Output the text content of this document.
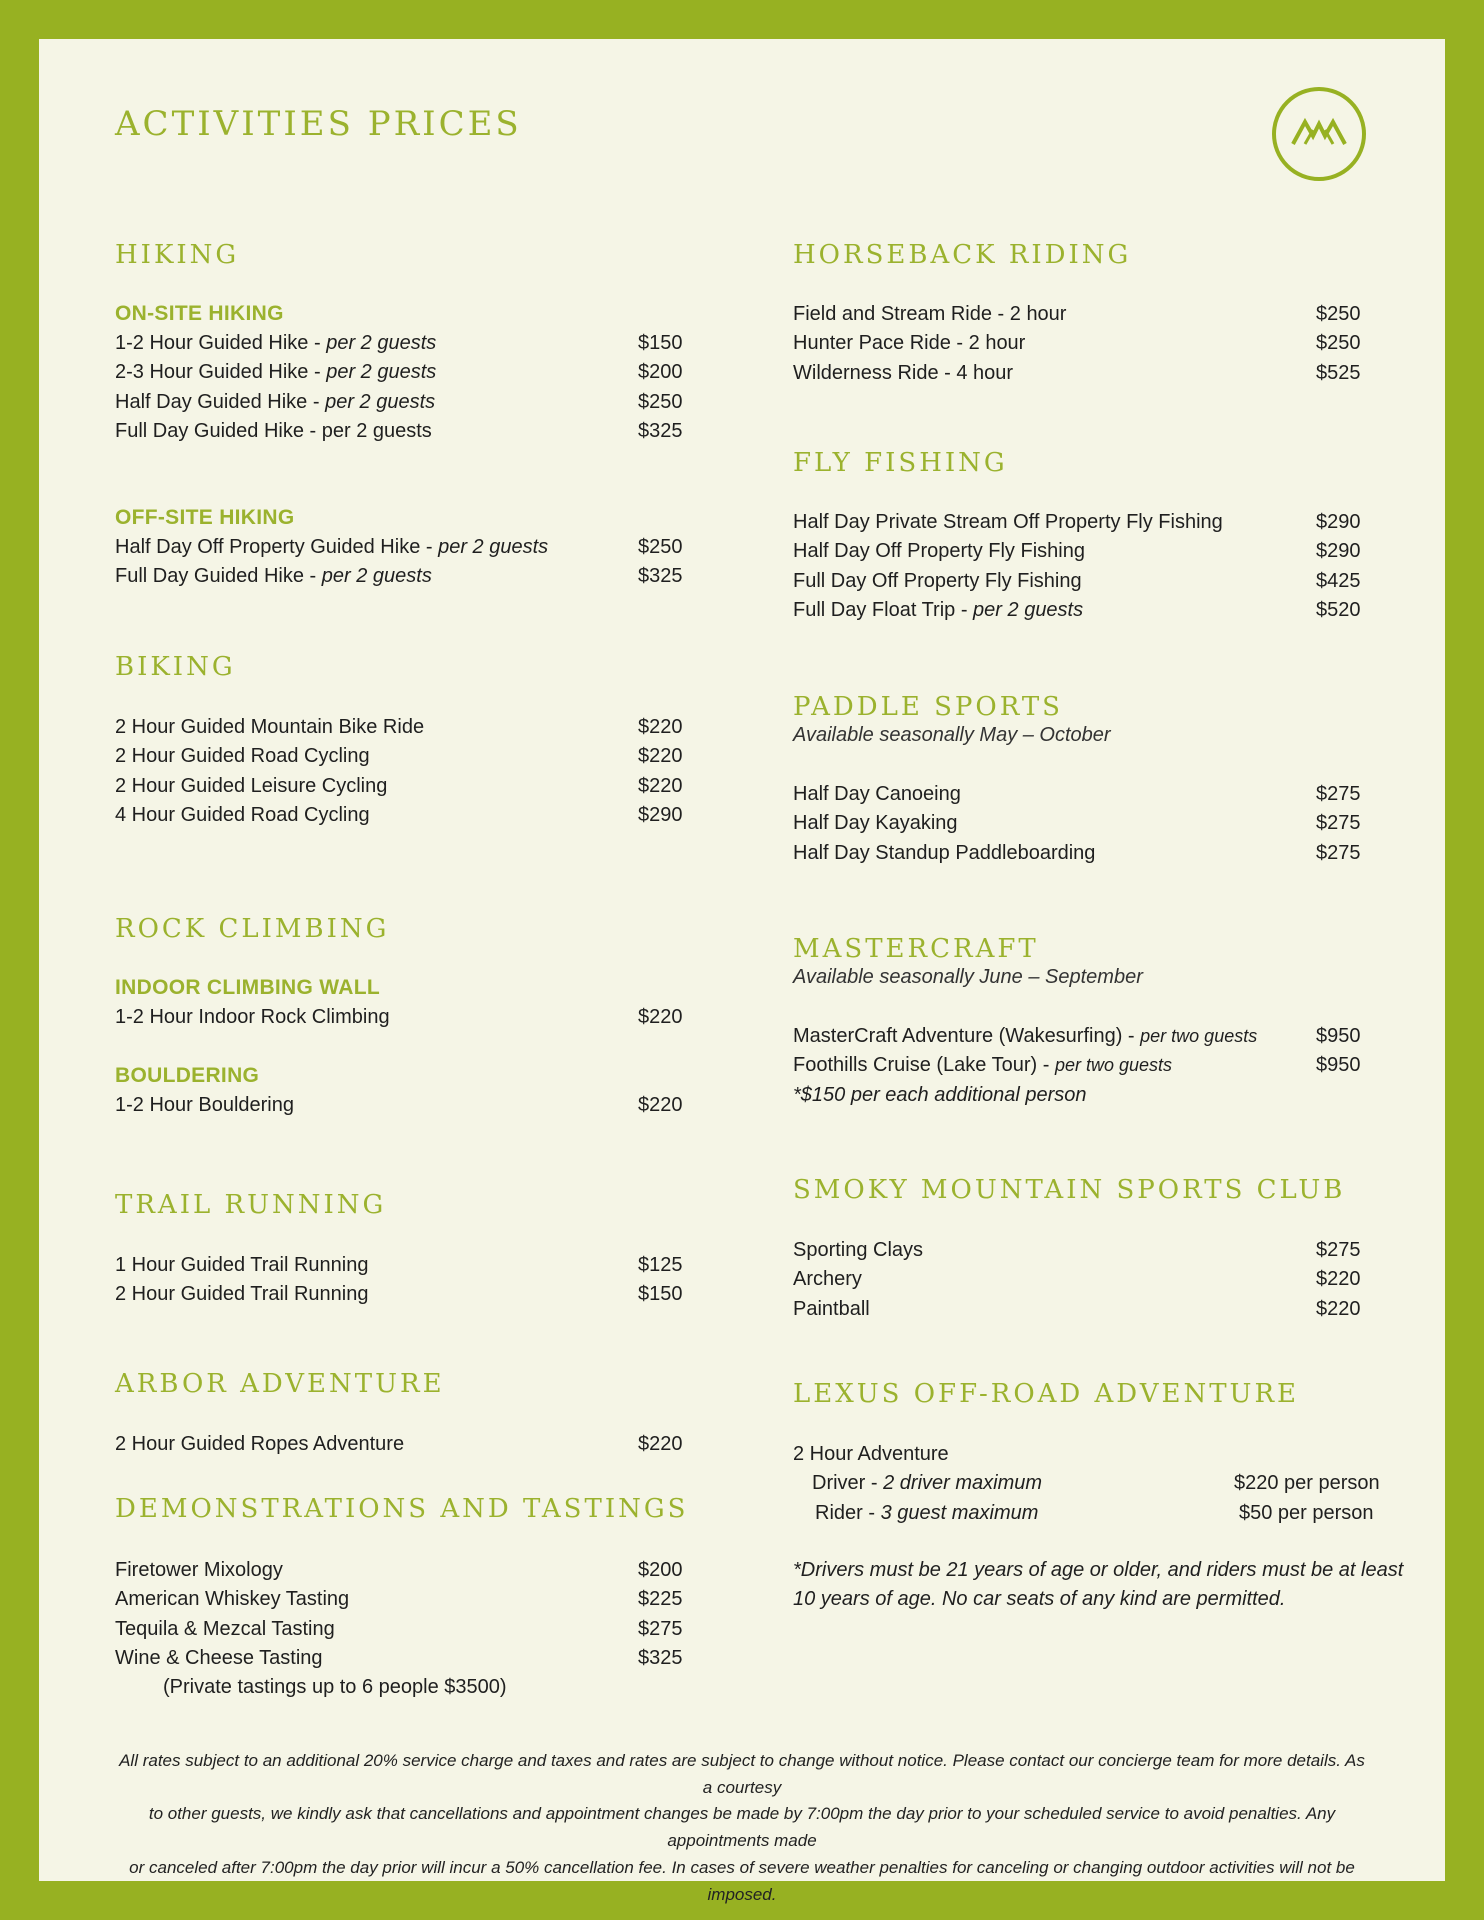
ACTIVITIES PRICES
HIKING
ON-SITE HIKING
1-2 Hour Guided Hike - per 2 guests	$150
2-3 Hour Guided Hike - per 2 guests	$200
Half Day Guided Hike - per 2 guests	$250
Full Day Guided Hike - per 2 guests	$325
OFF-SITE HIKING
Half Day Off Property Guided Hike - per 2 guests	$250
Full Day Guided Hike - per 2 guests	$325
BIKING
2 Hour Guided Mountain Bike Ride	$220
2 Hour Guided Road Cycling	$220
2 Hour Guided Leisure Cycling	$220
4 Hour Guided Road Cycling	$290
ROCK CLIMBING
INDOOR CLIMBING WALL
1-2 Hour Indoor Rock Climbing	$220
BOULDERING
1-2 Hour Bouldering	$220
TRAIL RUNNING
1 Hour Guided Trail Running	$125
2 Hour Guided Trail Running	$150
ARBOR ADVENTURE
2 Hour Guided Ropes Adventure	$220
DEMONSTRATIONS AND TASTINGS
Firetower Mixology	$200
American Whiskey Tasting	$225
Tequila & Mezcal Tasting	$275
Wine & Cheese Tasting	$325
(Private tastings up to 6 people $3500)
HORSEBACK RIDING
Field and Stream Ride - 2 hour	$250
Hunter Pace Ride - 2 hour	$250
Wilderness Ride - 4 hour	$525
FLY FISHING
Half Day Private Stream Off Property Fly Fishing	$290
Half Day Off Property Fly Fishing	$290
Full Day Off Property Fly Fishing	$425
Full Day Float Trip - per 2 guests	$520
PADDLE SPORTS
Available seasonally May – October
Half Day Canoeing	$275
Half Day Kayaking	$275
Half Day Standup Paddleboarding	$275
MASTERCRAFT
Available seasonally June – September
MasterCraft Adventure (Wakesurfing) - per two guests	$950
Foothills Cruise (Lake Tour) - per two guests	$950
*$150 per each additional person
SMOKY MOUNTAIN SPORTS CLUB
Sporting Clays	$275
Archery	$220
Paintball	$220
LEXUS OFF-ROAD ADVENTURE
2 Hour Adventure
Driver - 2 driver maximum	$220 per person
Rider - 3 guest maximum	$50 per person
*Drivers must be 21 years of age or older, and riders must be at least
10 years of age. No car seats of any kind are permitted.
All rates subject to an additional 20% service charge and taxes and rates are subject to change without notice. Please contact our concierge team for more details. As a courtesy
to other guests, we kindly ask that cancellations and appointment changes be made by 7:00pm the day prior to your scheduled service to avoid penalties. Any appointments made
or canceled after 7:00pm the day prior will incur a 50% cancellation fee. In cases of severe weather penalties for canceling or changing outdoor activities will not be imposed.
